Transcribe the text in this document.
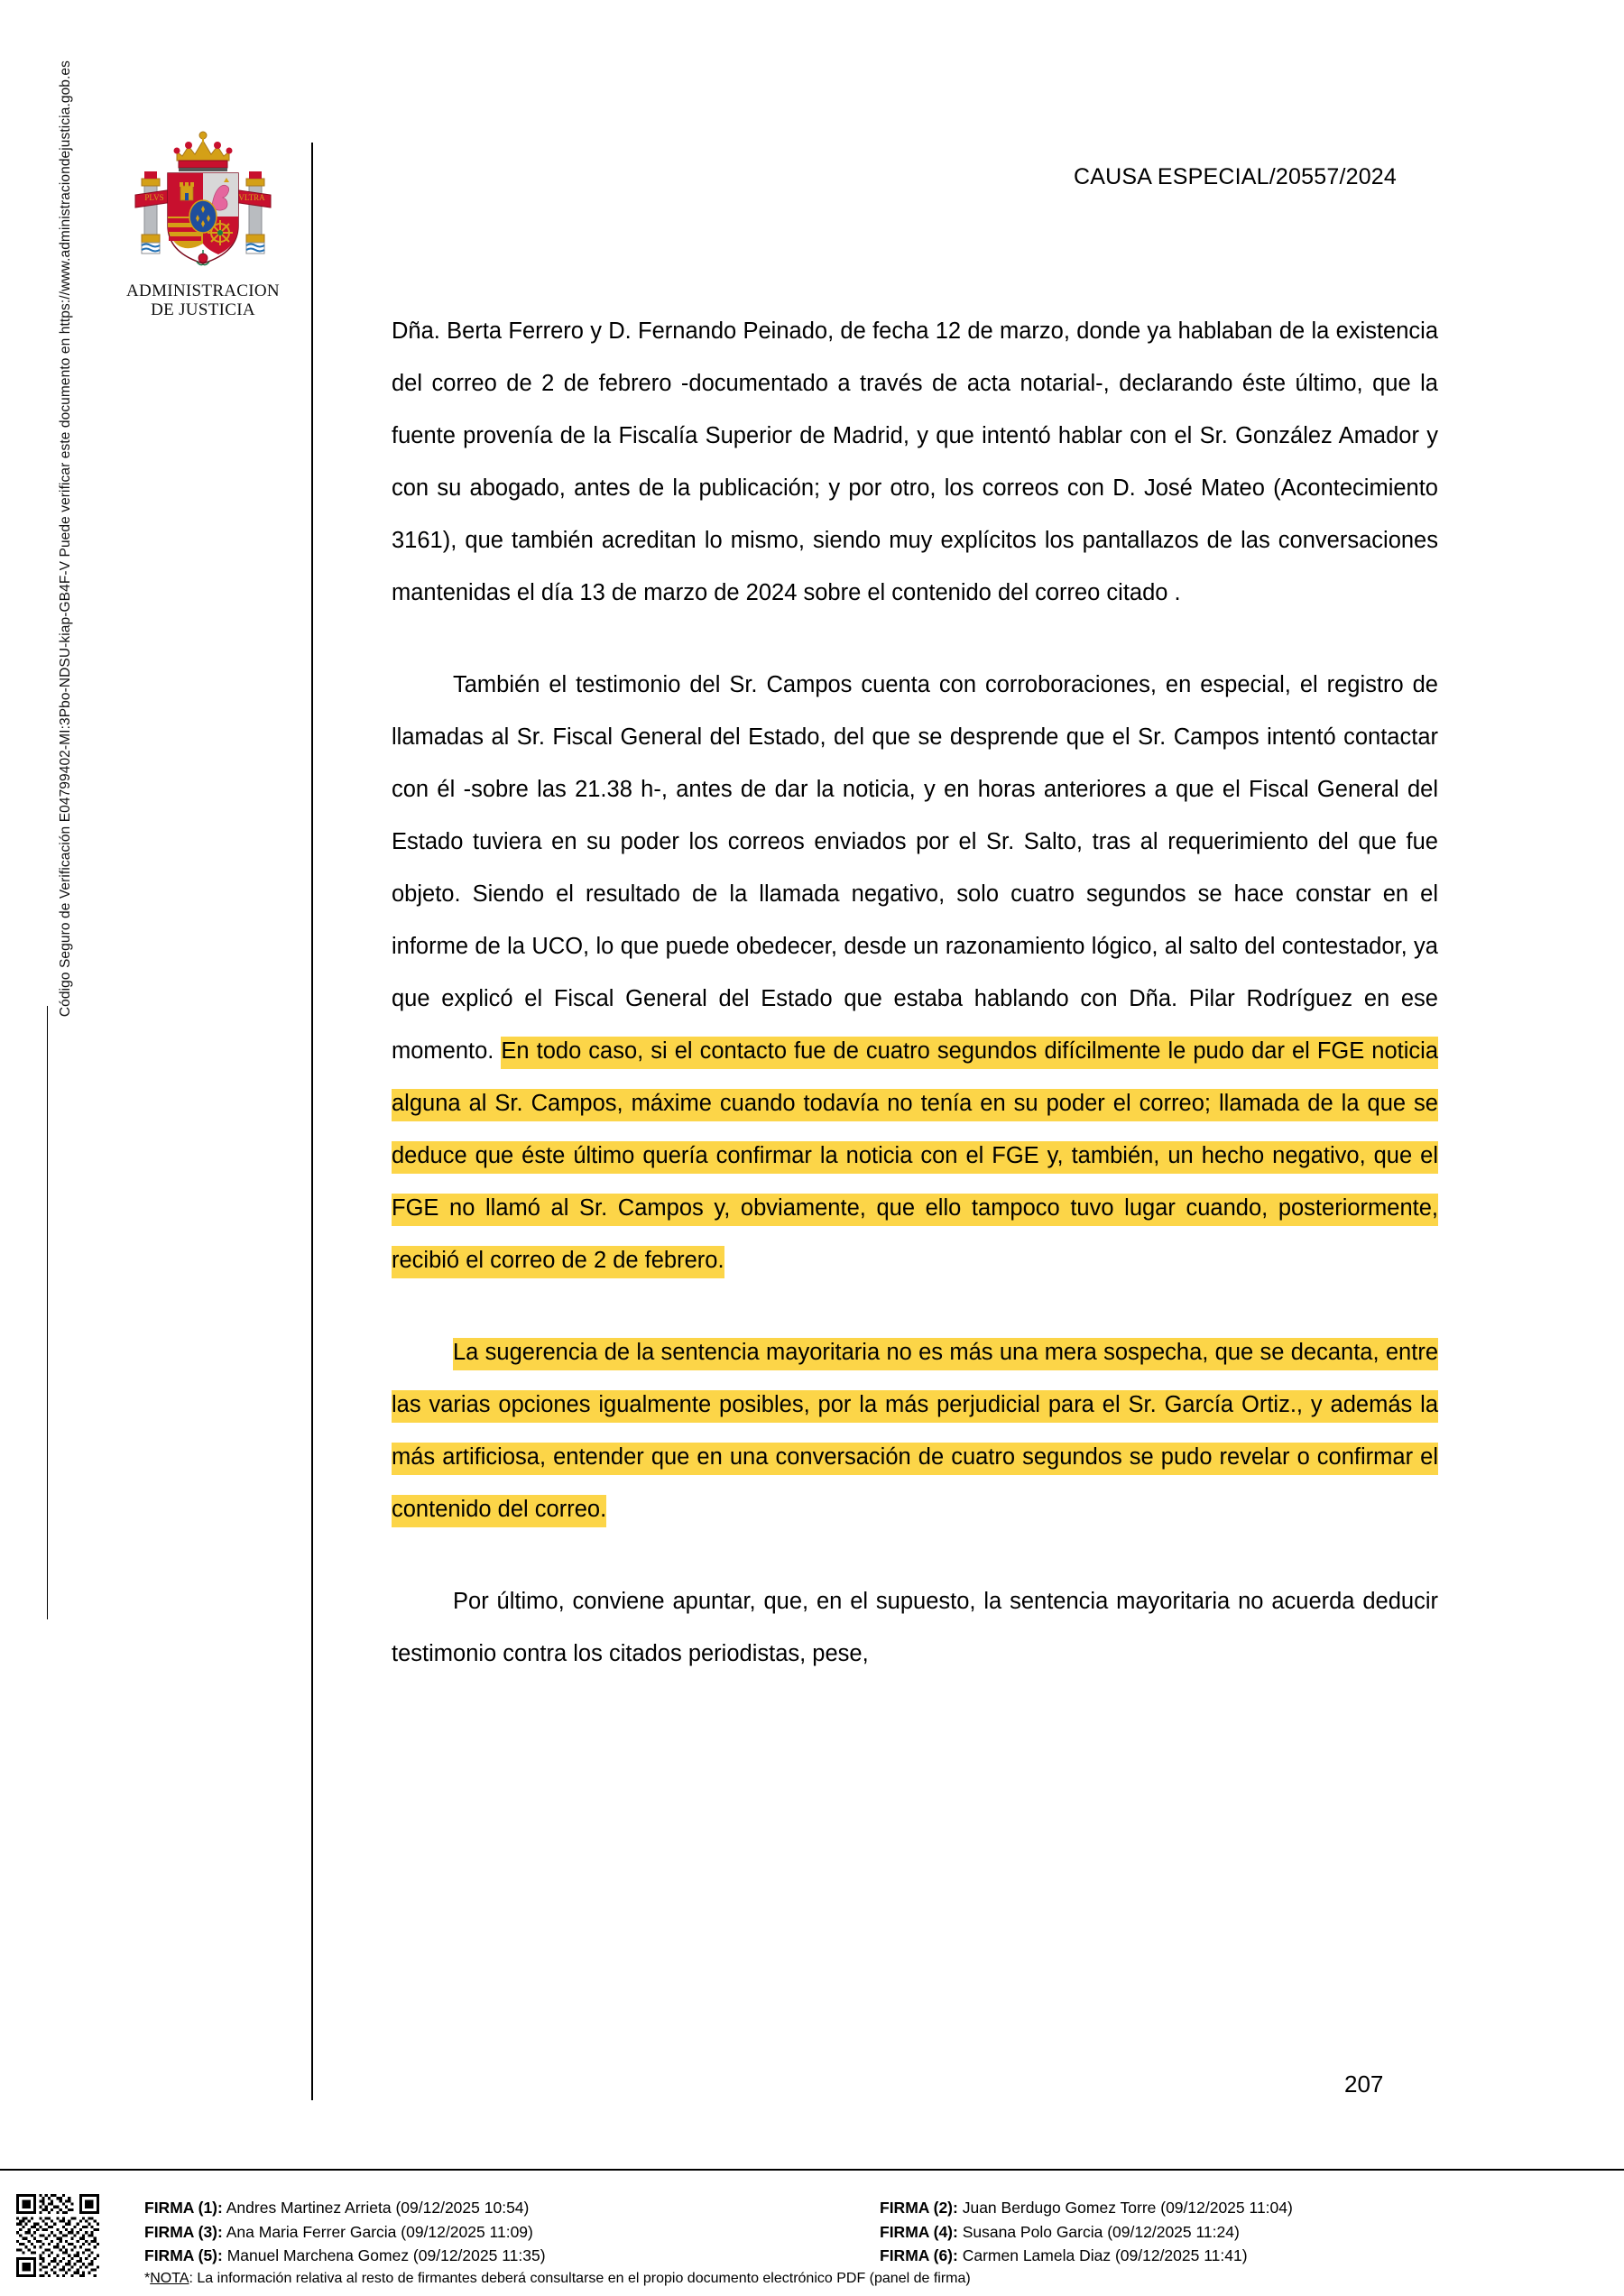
Código Seguro de Verificación E04799402-MI:3Pbo-NDSU-kiap-GB4F-V Puede verificar este documento en https://www.administraciondejusticia.gob.es	PLVS	VLTRA
ADMINISTRACION
DE JUSTICIA
CAUSA ESPECIAL/20557/2024

Dña. Berta Ferrero y D. Fernando Peinado, de fecha 12 de marzo, donde ya hablaban de la existencia del correo de 2 de febrero -documentado a través de acta notarial-, declarando éste último, que la fuente provenía de la Fiscalía Superior de Madrid, y que intentó hablar con el Sr. González Amador y con su abogado, antes de la publicación; y por otro, los correos con D. José Mateo (Acontecimiento 3161), que también acreditan lo mismo, siendo muy explícitos los pantallazos de las conversaciones mantenidas el día 13 de marzo de 2024 sobre el contenido del correo citado .

También el testimonio del Sr. Campos cuenta con corroboraciones, en especial, el registro de llamadas al Sr. Fiscal General del Estado, del que se desprende que el Sr. Campos intentó contactar con él -sobre las 21.38 h-, antes de dar la noticia, y en horas anteriores a que el Fiscal General del Estado tuviera en su poder los correos enviados por el Sr. Salto, tras al requerimiento del que fue objeto. Siendo el resultado de la llamada negativo, solo cuatro segundos se hace constar en el informe de la UCO, lo que puede obedecer, desde un razonamiento lógico, al salto del contestador, ya que explicó el Fiscal General del Estado que estaba hablando con Dña. Pilar Rodríguez en ese momento. En todo caso, si el contacto fue de cuatro segundos difícilmente le pudo dar el FGE noticia alguna al Sr. Campos, máxime cuando todavía no tenía en su poder el correo; llamada de la que se deduce que éste último quería confirmar la noticia con el FGE y, también, un hecho negativo, que el FGE no llamó al Sr. Campos y, obviamente, que ello tampoco tuvo lugar cuando, posteriormente, recibió el correo de 2 de febrero.

La sugerencia de la sentencia mayoritaria no es más una mera sospecha, que se decanta, entre las varias opciones igualmente posibles, por la más perjudicial para el Sr. García Ortiz., y además la más artificiosa, entender que en una conversación de cuatro segundos se pudo revelar o confirmar el contenido del correo.

Por último, conviene apuntar, que, en el supuesto, la sentencia mayoritaria no acuerda deducir testimonio contra los citados periodistas, pese,

207
FIRMA (1): Andres Martinez Arrieta (09/12/2025 10:54)
FIRMA (3): Ana Maria Ferrer Garcia (09/12/2025 11:09)
FIRMA (5): Manuel Marchena Gomez (09/12/2025 11:35)
FIRMA (2): Juan Berdugo Gomez Torre (09/12/2025 11:04)
FIRMA (4): Susana Polo Garcia (09/12/2025 11:24)
FIRMA (6): Carmen Lamela Diaz (09/12/2025 11:41)
*NOTA: La información relativa al resto de firmantes deberá consultarse en el propio documento electrónico PDF (panel de firma)
